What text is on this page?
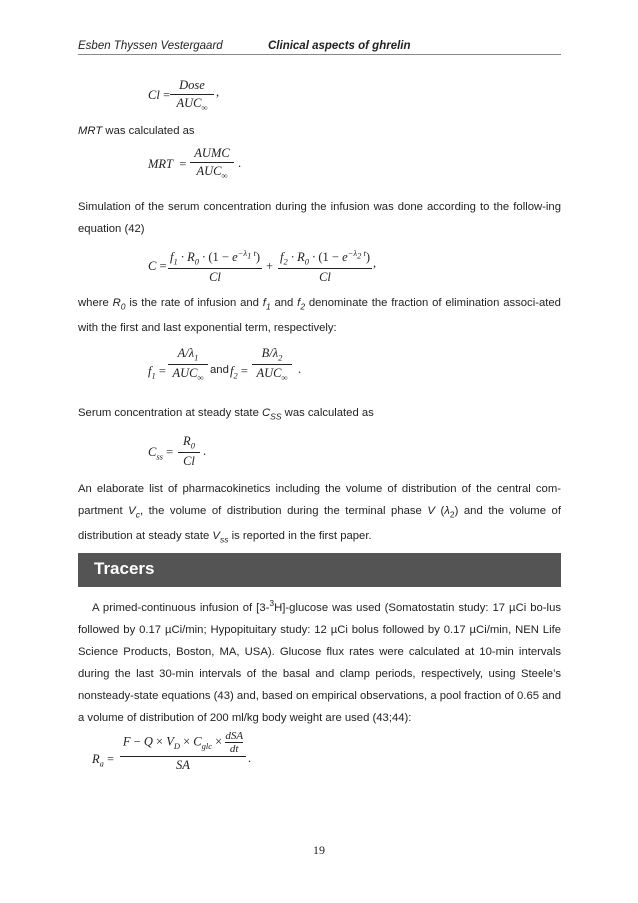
Esben Thyssen Vestergaard	Clinical aspects of ghrelin
Cl =
Dose
$AUC_\infty$
,

MRT was calculated as

MRT  =
AUMC
$AUC_\infty$
.

Simulation of the serum concentration during the infusion was done according to the follow-ing equation (42)

C =
$f_1 \cdot R_0 \cdot (1 - e^{-\lambda_1 t})$
Cl
+
$f_2 \cdot R_0 \cdot (1 - e^{-\lambda_2 t})$
Cl
,

where $R_0$ is the rate of infusion and $f_1$ and $f_2$ denominate the fraction of elimination associ-ated with the first and last exponential term, respectively:

$f_1$ =
$A/\lambda_1$
$AUC_\infty$
and $f_2$ =
$B/\lambda_2$
$AUC_\infty$
.

Serum concentration at steady state $C_{SS}$ was calculated as

$C_{ss}$ =
$R_0$
Cl
.

An elaborate list of pharmacokinetics including the volume of distribution of the central com-partment $V_c$, the volume of distribution during the terminal phase V $(\lambda_2)$ and the volume of distribution at steady state $V_{ss}$ is reported in the first paper.

Tracers

A primed-continuous infusion of [3-$^3$H]-glucose was used (Somatostatin study: 17 µCi bo-lus followed by 0.17 µCi/min; Hypopituitary study: 12 µCi bolus followed by 0.17 µCi/min, NEN Life Science Products, Boston, MA, USA). Glucose flux rates were calculated at 10-min intervals during the last 30-min intervals of the basal and clamp periods, respectively, using Steele’s nonsteady-state equations (43) and, based on empirical observations, a pool fraction of 0.65 and a volume of distribution of 200 ml/kg body weight are used (43;44):

$R_a$ =
$F - Q \times V_D \times C_{glc}$ × dSA
dt
SA	.
19
